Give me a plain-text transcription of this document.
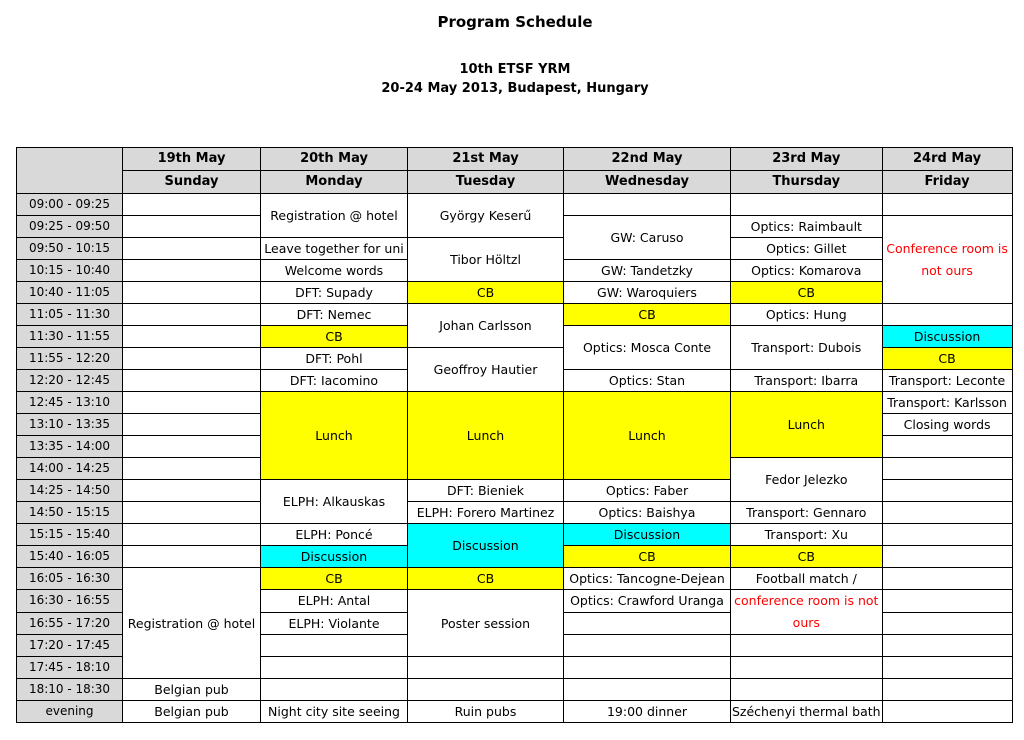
Program Schedule
10th ETSF YRM
20-24 May 2013, Budapest, Hungary
	19th May	20th May	21st May	22nd May	23rd May	24rd May
	Sunday	Monday	Tuesday	Wednesday	Thursday	Friday
09:00 - 09:25		Registration @ hotel	György Keserű			
09:25 - 09:50				GW: Caruso	Optics: Raimbault	Conference room is not ours
09:50 - 10:15		Leave together for uni	Tibor Höltzl		Optics: Gillet	
10:15 - 10:40		Welcome words		GW: Tandetzky	Optics: Komarova	
10:40 - 11:05		DFT: Supady	CB	GW: Waroquiers	CB	
11:05 - 11:30		DFT: Nemec	Johan Carlsson	CB	Optics: Hung	
11:30 - 11:55		CB		Optics: Mosca Conte	Transport: Dubois	Discussion
11:55 - 12:20		DFT: Pohl	Geoffroy Hautier			CB
12:20 - 12:45		DFT: Iacomino		Optics: Stan	Transport: Ibarra	Transport: Leconte
12:45 - 13:10		Lunch	Lunch	Lunch	Lunch	Transport: Karlsson
13:10 - 13:35						Closing words
13:35 - 14:00						
14:00 - 14:25					Fedor Jelezko	
14:25 - 14:50		ELPH: Alkauskas	DFT: Bieniek	Optics: Faber		
14:50 - 15:15			ELPH: Forero Martinez	Optics: Baishya	Transport: Gennaro	
15:15 - 15:40		ELPH: Poncé	Discussion	Discussion	Transport: Xu	
15:40 - 16:05		Discussion		CB	CB	
16:05 - 16:30	Registration @ hotel	CB	CB	Optics: Tancogne-Dejean	Football match /	
16:30 - 16:55		ELPH: Antal	Poster session	Optics: Crawford Uranga	conference room is not ours	
16:55 - 17:20		ELPH: Violante				
17:20 - 17:45						
17:45 - 18:10						
18:10 - 18:30	Belgian pub					
evening	Belgian pub	Night city site seeing	Ruin pubs	19:00 dinner	Széchenyi thermal bath	
